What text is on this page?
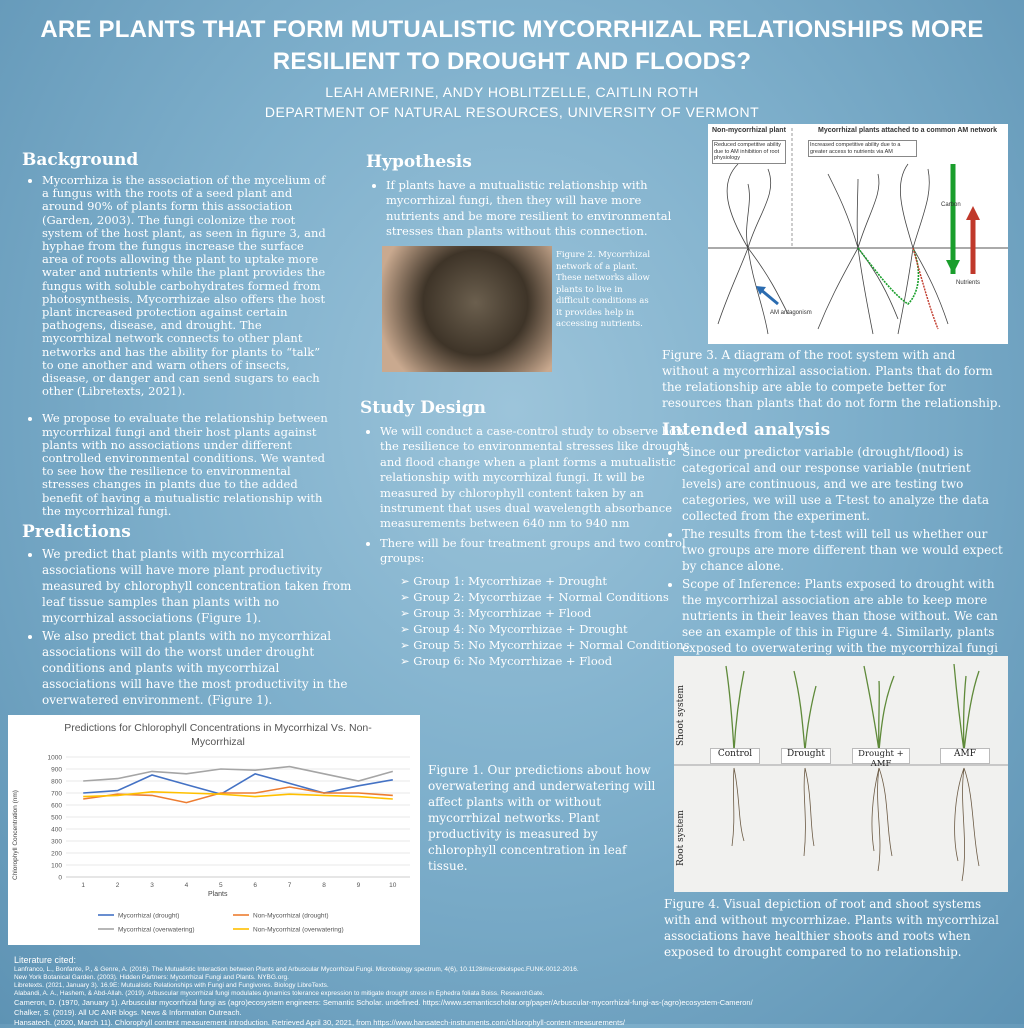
ARE PLANTS THAT FORM MUTUALISTIC MYCORRHIZAL RELATIONSHIPS MORE
RESILIENT TO DROUGHT AND FLOODS?
LEAH AMERINE, ANDY HOBLITZELLE, CAITLIN ROTH
DEPARTMENT OF NATURAL RESOURCES, UNIVERSITY OF VERMONT
Background
• Mycorrhiza is the association of the mycelium of a fungus with the roots of a seed plant and around 90% of plants form this association (Garden, 2003). The fungi colonize the root system of the host plant, as seen in figure 3, and hyphae from the fungus increase the surface area of roots allowing the plant to uptake more water and nutrients while the plant provides the fungus with soluble carbohydrates formed from photosynthesis. Mycorrhizae also offers the host plant increased protection against certain pathogens, disease, and drought. The mycorrhizal network connects to other plant networks and has the ability for plants to “talk” to one another and warn others of insects, disease, or danger and can send sugars to each other (Libretexts, 2021).
• We propose to evaluate the relationship between mycorrhizal fungi and their host plants against plants with no associations under different controlled environmental conditions. We wanted to see how the resilience to environmental stresses changes in plants due to the added benefit of having a mutualistic relationship with the mycorrhizal fungi.
Predictions
• We predict that plants with mycorrhizal associations will have more plant productivity measured by chlorophyll concentration taken from leaf tissue samples than plants with no mycorrhizal associations (Figure 1).
• We also predict that plants with no mycorrhizal associations will do the worst under drought conditions and plants with mycorrhizal associations will have the most productivity in the overwatered environment. (Figure 1).
Hypothesis
• If plants have a mutualistic relationship with mycorrhizal fungi, then they will have more nutrients and be more resilient to environmental stresses than plants without this connection.
Figure 2. Mycorrhizal network of a plant. These networks allow plants to live in difficult conditions as it provides help in accessing nutrients.
Study Design
• We will conduct a case-control study to observe how the resilience to environmental stresses like drought and flood change when a plant forms a mutualistic relationship with mycorrhizal fungi. It will be measured by chlorophyll content taken by an instrument that uses dual wavelength absorbance measurements between 640 nm to 940 nm
• There will be four treatment groups and two control groups:
➢ Group 1: Mycorrhizae + Drought
➢ Group 2: Mycorrhizae + Normal Conditions
➢ Group 3: Mycorrhizae + Flood
➢ Group 4: No Mycorrhizae + Drought
➢ Group 5: No Mycorrhizae + Normal Conditions
➢ Group 6: No Mycorrhizae + Flood
Non-mycorrhizal plant	Mycorrhizal plants attached to a common AM network
Reduced competitive ability due to AM inhibition of root physiology
Increased competitive ability due to a greater access to nutrients via AM
Carbon
Nutrients
AM antagonism
Figure 3. A diagram of the root system with and without a mycorrhizal association. Plants that do form the relationship are able to compete better for resources than plants that do not form the relationship.
Intended analysis
• Since our predictor variable (drought/flood) is categorical and our response variable (nutrient levels) are continuous, and we are testing two categories, we will use a T-test to analyze the data collected from the experiment.
• The results from the t-test will tell us whether our two groups are more different than we would expect by chance alone.
• Scope of Inference: Plants exposed to drought with the mycorrhizal association are able to keep more nutrients in their leaves than those without. We can see an example of this in Figure 4. Similarly, plants exposed to overwatering with the mycorrhizal fungi
Shoot system
Root system
Control	Drought	Drought + AMF
AMF
Figure 4. Visual depiction of root and shoot systems with and without mycorrhizae. Plants with mycorrhizal associations have healthier shoots and roots when exposed to drought compared to no relationship.
Predictions for Chlorophyll Concentrations in Mycorrhizal Vs. Non-Mycorrhizal
0
100
200
300
400
500
600
700
800
900
1000
1	2	3	4	5	6	7	8	9	10
Mycorrhizal (drought)	Non-Mycorrhizal (drought)
Mycorrhizal (overwatering)	Non-Mycorrhizal (overwatering)
Chlorophyll Concentration (nm)
Plants
Figure 1. Our predictions about how overwatering and underwatering will affect plants with or without mycorrhizal networks. Plant productivity is measured by chlorophyll concentration in leaf tissue.
Literature cited:
Lanfranco, L., Bonfante, P., & Genre, A. (2016). The Mutualistic Interaction between Plants and Arbuscular Mycorrhizal Fungi. Microbiology spectrum, 4(6), 10.1128/microbiolspec.FUNK-0012-2016.
New York Botanical Garden. (2003). Hidden Partners: Mycorrhizal Fungi and Plants. NYBG.org.
Libretexts. (2021, January 3). 16.9E: Mutualistic Relationships with Fungi and Fungivores. Biology LibreTexts.
Alabandi, A. A., Hashem, & Abd-Allah. (2019). Arbuscular mycorrhizal fungi modulates dynamics tolerance expression to mitigate drought stress in Ephedra foliata Boiss. ResearchGate.
Cameron, D. (1970, January 1). Arbuscular mycorrhizal fungi as (agro)ecosystem engineers: Semantic Scholar. undefined. https://www.semanticscholar.org/paper/Arbuscular-mycorrhizal-fungi-as-(agro)ecosystem-Cameron/
Chalker, S. (2019). All UC ANR blogs. News & Information Outreach.
Hansatech. (2020, March 11). Chlorophyll content measurement introduction. Retrieved April 30, 2021, from https://www.hansatech-instruments.com/chlorophyll-content-measurements/
